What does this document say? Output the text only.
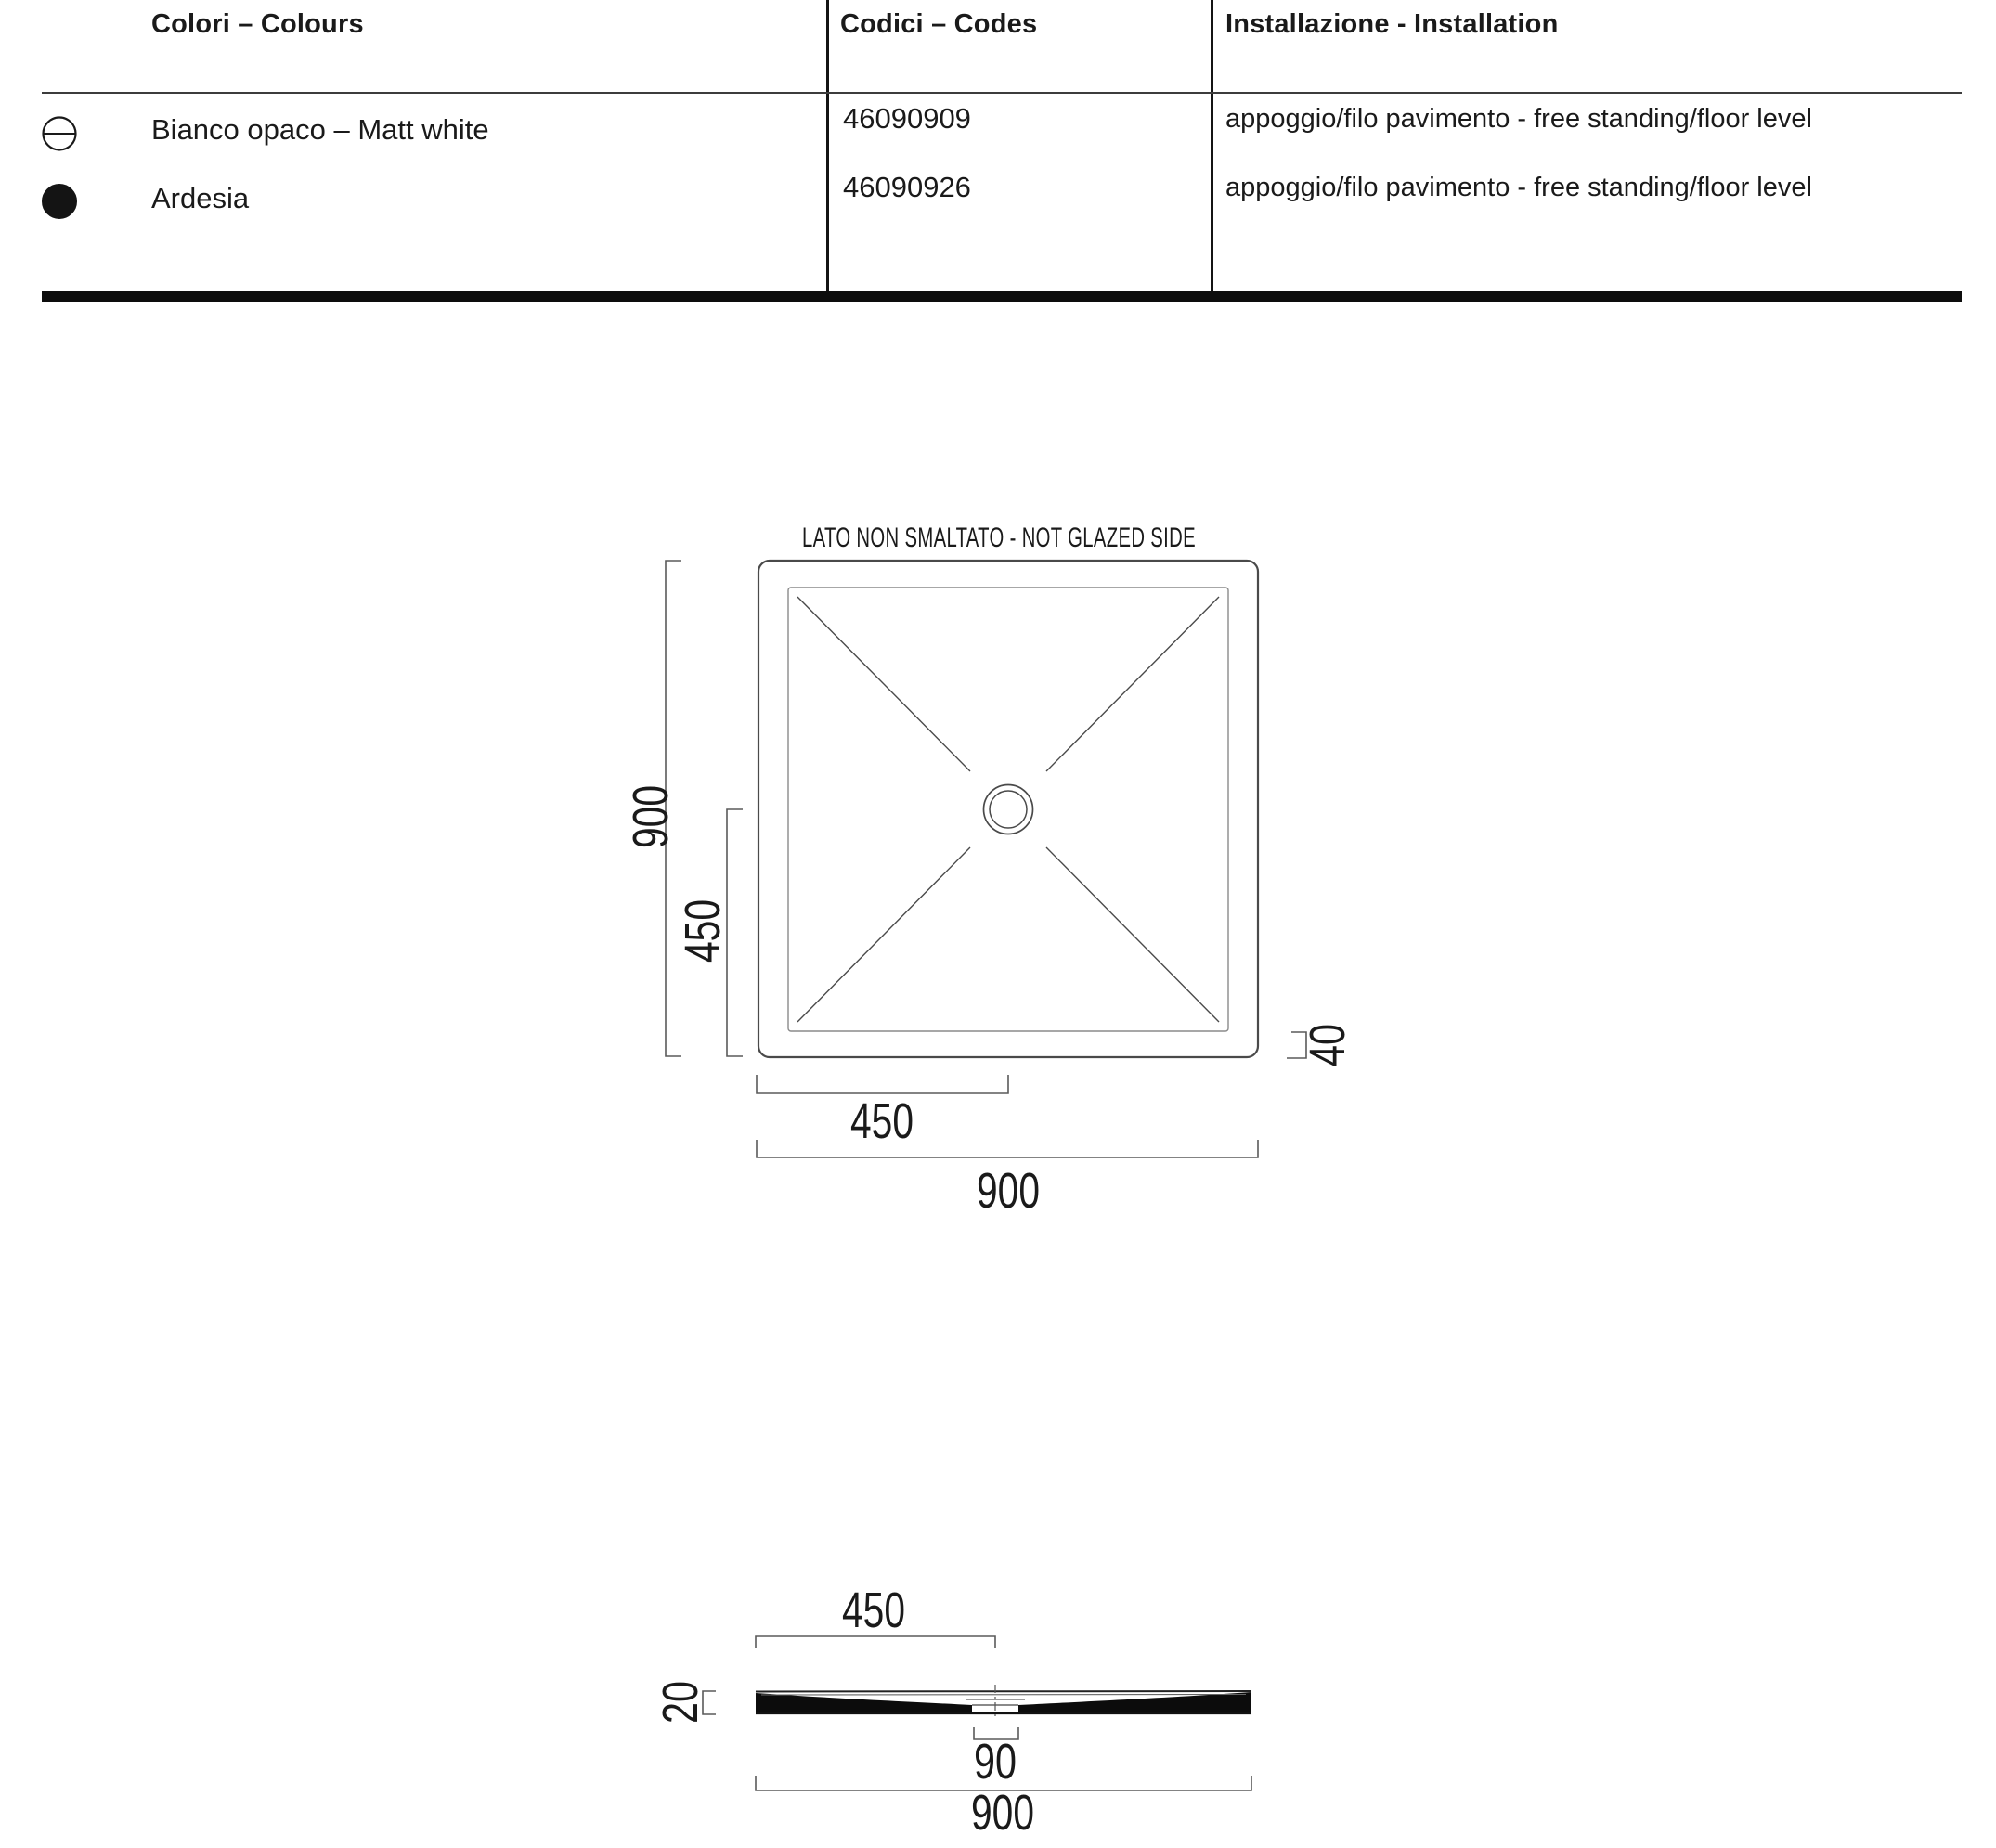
Colori – Colours	Codici – Codes	Installazione - Installation
Bianco opaco – Matt white	46090909	appoggio/filo pavimento - free standing/floor level
Ardesia	46090926	appoggio/filo pavimento - free standing/floor level
LATO NON SMALTATO - NOT GLAZED SIDE
900
450
450
900
40
450
20
90
900
